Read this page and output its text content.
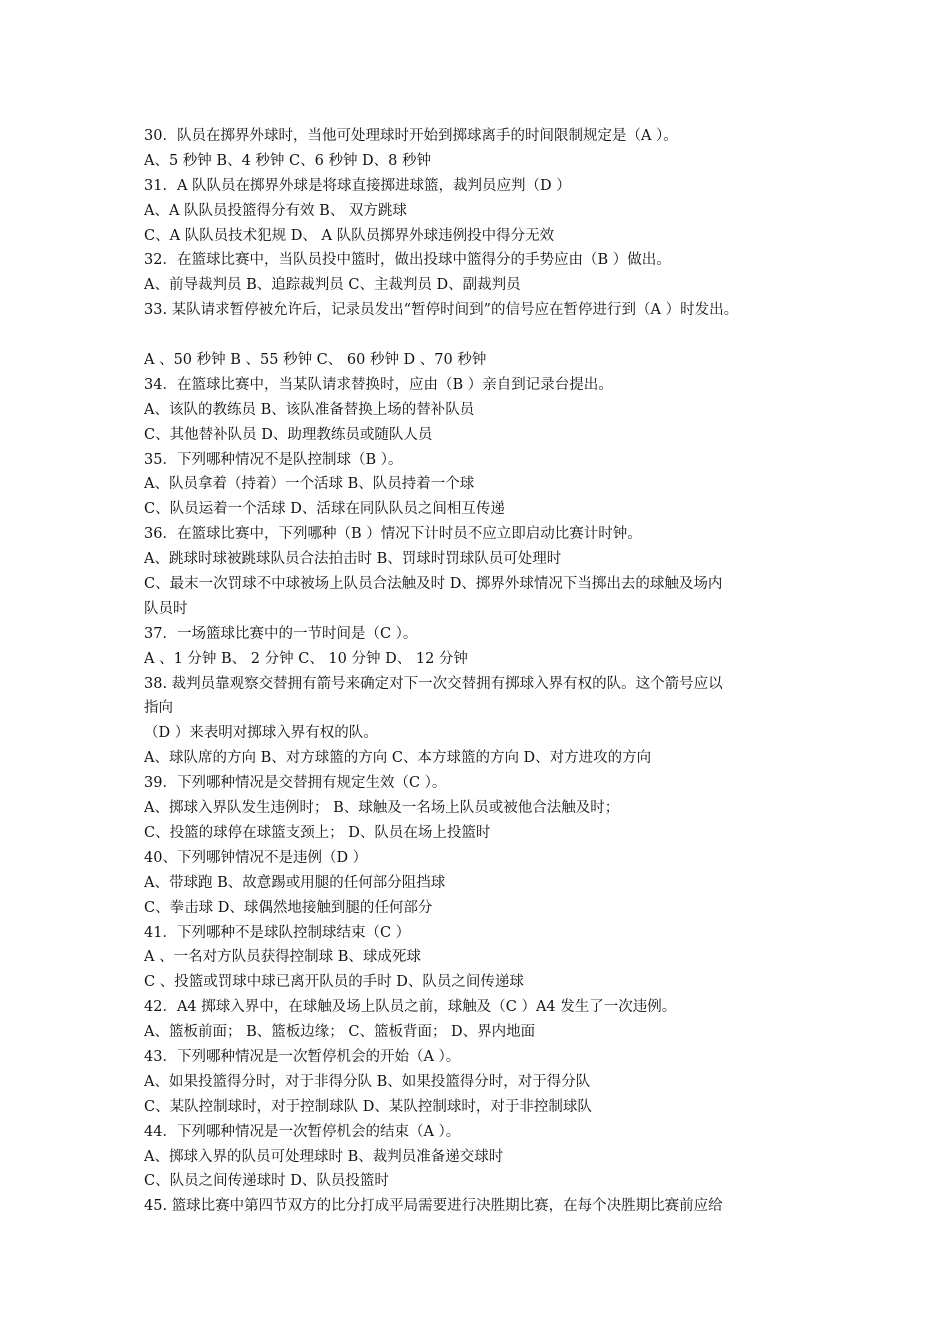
30．队员在掷界外球时，当他可处理球时开始到掷球离手的时间限制规定是（A ）。
A、5 秒钟 B、4 秒钟 C、6 秒钟 D、8 秒钟
31．A 队队员在掷界外球是将球直接掷进球篮，裁判员应判（D ）
A、A 队队员投篮得分有效 B、 双方跳球
C、A 队队员技术犯规 D、 A 队队员掷界外球违例投中得分无效
32．在篮球比赛中，当队员投中篮时，做出投球中篮得分的手势应由（B ）做出。
A、前导裁判员 B、追踪裁判员 C、主裁判员 D、副裁判员
33. 某队请求暂停被允许后，记录员发出“暂停时间到”的信号应在暂停进行到（A ）时发出。
A 、50 秒钟 B 、55 秒钟 C、 60 秒钟 D 、70 秒钟
34．在篮球比赛中，当某队请求替换时，应由（B ）亲自到记录台提出。
A、该队的教练员 B、该队准备替换上场的替补队员
C、其他替补队员 D、助理教练员或随队人员
35．下列哪种情况不是队控制球（B ）。
A、队员拿着（持着）一个活球 B、队员持着一个球
C、队员运着一个活球 D、活球在同队队员之间相互传递
36．在篮球比赛中，下列哪种（B ）情况下计时员不应立即启动比赛计时钟。
A、跳球时球被跳球队员合法拍击时 B、罚球时罚球队员可处理时
C、最末一次罚球不中球被场上队员合法触及时 D、掷界外球情况下当掷出去的球触及场内
队员时
37．一场篮球比赛中的一节时间是（C ）。
A 、1 分钟 B、 2 分钟 C、 10 分钟 D、 12 分钟
38. 裁判员靠观察交替拥有箭号来确定对下一次交替拥有掷球入界有权的队。这个箭号应以
指向
（D ）来表明对掷球入界有权的队。
A、球队席的方向 B、对方球篮的方向 C、本方球篮的方向 D、对方进攻的方向
39．下列哪种情况是交替拥有规定生效（C ）。
A、掷球入界队发生违例时； B、球触及一名场上队员或被他合法触及时；
C、投篮的球停在球篮支颈上； D、队员在场上投篮时
40、下列哪钟情况不是违例（D ）
A、带球跑 B、故意踢或用腿的任何部分阻挡球
C、拳击球 D、球偶然地接触到腿的任何部分
41．下列哪种不是球队控制球结束（C ）
A 、一名对方队员获得控制球 B、球成死球
C 、投篮或罚球中球已离开队员的手时 D、队员之间传递球
42．A4 掷球入界中，在球触及场上队员之前，球触及（C ）A4 发生了一次违例。
A、篮板前面； B、篮板边缘； C、篮板背面； D、界内地面
43．下列哪种情况是一次暂停机会的开始（A ）。
A、如果投篮得分时，对于非得分队 B、如果投篮得分时，对于得分队
C、某队控制球时，对于控制球队 D、某队控制球时，对于非控制球队
44．下列哪种情况是一次暂停机会的结束（A ）。
A、掷球入界的队员可处理球时 B、裁判员准备递交球时
C、队员之间传递球时 D、队员投篮时
45. 篮球比赛中第四节双方的比分打成平局需要进行决胜期比赛，在每个决胜期比赛前应给
